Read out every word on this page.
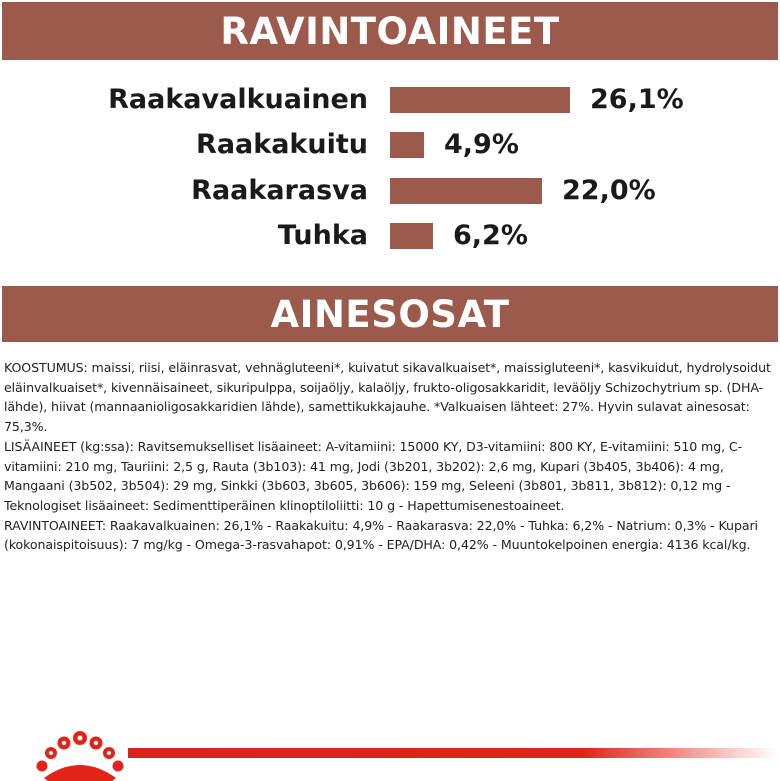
RAVINTOAINEET
Raakavalkuainen	26,1%
Raakakuitu	4,9%
Raakarasva	22,0%
Tuhka	6,2%
AINESOSAT

KOOSTUMUS: maissi, riisi, eläinrasvat, vehnägluteeni*, kuivatut sikavalkuaiset*, maissigluteeni*, kasvikuidut, hydrolysoidut eläinvalkuaiset*, kivennäisaineet, sikuripulppa, soijaöljy, kalaöljy, frukto-oligosakkaridit, leväöljy Schizochytrium sp. (DHA-lähde), hiivat (mannaanioligosakkaridien lähde), samettikukkajauhe. *Valkuaisen lähteet: 27%. Hyvin sulavat ainesosat: 75,3%.

LISÄAINEET (kg:ssa): Ravitsemukselliset lisäaineet: A-vitamiini: 15000 KY, D3-vitamiini: 800 KY, E-vitamiini: 510 mg, C-vitamiini: 210 mg, Tauriini: 2,5 g, Rauta (3b103): 41 mg, Jodi (3b201, 3b202): 2,6 mg, Kupari (3b405, 3b406): 4 mg, Mangaani (3b502, 3b504): 29 mg, Sinkki (3b603, 3b605, 3b606): 159 mg, Seleeni (3b801, 3b811, 3b812): 0,12 mg - Teknologiset lisäaineet: Sedimenttiperäinen klinoptiloliitti: 10 g - Hapettumisenestoaineet.

RAVINTOAINEET: Raakavalkuainen: 26,1% - Raakakuitu: 4,9% - Raakarasva: 22,0% - Tuhka: 6,2% - Natrium: 0,3% - Kupari (kokonaispitoisuus): 7 mg/kg - Omega-3-rasvahapot: 0,91% - EPA/DHA: 0,42% - Muuntokelpoinen energia: 4136 kcal/kg.
